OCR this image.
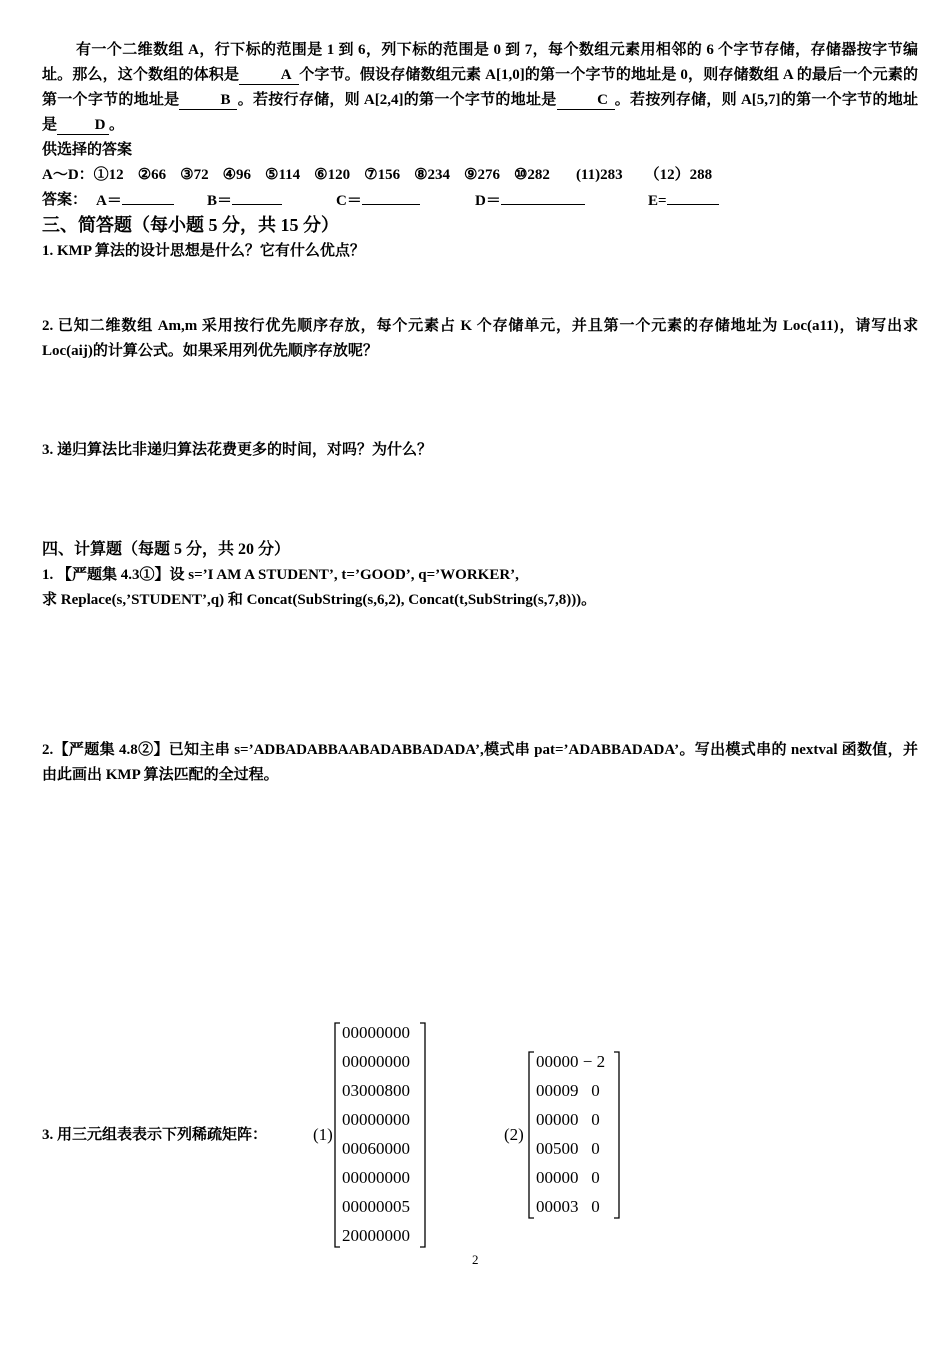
有一个二维数组 A，行下标的范围是 1 到 6，列下标的范围是 0 到 7，每个数组元素用相邻的 6 个字节存储，存储器按字节编址。那么，这个数组的体积是	A 个字节。假设存储数组元素 A[1,0]的第一个字节的地址是 0，则存储数组 A 的最后一个元素的第一个字节的地址是	B 。若按行存储，则 A[2,4]的第一个字节的地址是	C 。若按列存储，则 A[5,7]的第一个字节的地址是	D 。
供选择的答案
A～D：①12 ②66 ③72 ④96 ⑤114 ⑥120 ⑦156 ⑧234 ⑨276 ⑩282 (11)283 （12）288
答案： A＝	B＝	C＝	D＝	E=
三、简答题（每小题 5 分，共 15 分）
1. KMP 算法的设计思想是什么？它有什么优点？
2. 已知二维数组 Am,m 采用按行优先顺序存放，每个元素占 K 个存储单元，并且第一个元素的存储地址为 Loc(a11)，请写出求 Loc(aij)的计算公式。如果采用列优先顺序存放呢？
3. 递归算法比非递归算法花费更多的时间，对吗？为什么？
四、计算题（每题 5 分，共 20 分）
1. 【严题集 4.3①】设 s=’I AM A STUDENT’, t=’GOOD’, q=’WORKER’,
求 Replace(s,’STUDENT’,q) 和 Concat(SubString(s,6,2), Concat(t,SubString(s,7,8)))。
2.【严题集 4.8②】已知主串 s=’ADBADABBAABADABBADADA’,模式串 pat=’ADABBADADA’。写出模式串的 nextval 函数值，并由此画出 KMP 算法匹配的全过程。
3. 用三元组表表示下列稀疏矩阵：	(1)
00000000
00000000
03000800
00000000
00060000
00000000
00000005
20000000
(2)
00000 − 2
00009   0
00000   0
00500   0
00000   0
00003   0
2
